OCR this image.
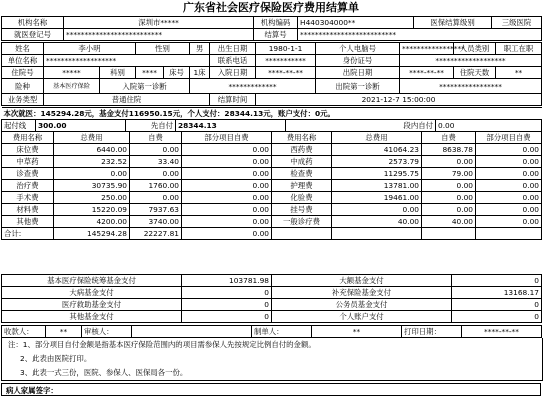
广东省社会医疗保险医疗费用结算单
机构名称	深圳市*****	机构编码	H440304000**	医保结算级别	三级医院
就医登记号	**************************	结算号	**************************		
姓名	李小明		性别		男	出生日期	1980-1-1	个人电脑号	*****************	人员类别	职工在职
单位名称	*******************					联系电话	***********	身份证号	*******************		
住院号	*****	科别	****	床号	1床	入院日期	****-**-**	出院日期	****-**-**	住院天数	**
险种	基本医疗保险	入院第一诊断			*************			出院第一诊断	*****************		
业务类型	普通住院					结算时间	2021-12-7 15:00:00				
本次就医：145294.28元，基金支付116950.15元，个人支付：28344.13元，账户支付：0元。
起付线	300.00	先自付	28344.13	段内自付	0.00
费用名称	总费用	自费	部分项目自费	费用名称	总费用	自费	部分项目自费
床位费	6440.00	0.00	0.00	西药费	41064.23	8638.78	0.00
中草药	232.52	33.40	0.00	中成药	2573.79	0.00	0.00
诊查费	0.00	0.00	0.00	检查费	11295.75	79.00	0.00
治疗费	30735.90	1760.00	0.00	护理费	13781.00	0.00	0.00
手术费	250.00	0.00	0.00	化验费	19461.00	0.00	0.00
材料费	15220.09	7937.63	0.00	挂号费	0.00	0.00	0.00
其他费	4200.00	3740.00	0.00	一般诊疗费	40.00	40.00	0.00
合计:	145294.28	22227.81	0.00				
基本医疗保险统筹基金支付	103781.98	大额基金支付	0
大病基金支付	0	补充保险基金支付	13168.17
医疗救助基金支付	0	公务员基金支付	0
其他基金支付	0	个人账户支付	0
收款人：	**	审核人：		制单人：	**	打印日期：	****-**-**
注：1、部分项目自付金额是指基本医疗保险范围内的项目需参保人先按规定比例自付的金额。
2、此表由医院打印。
3、此表一式三份，医院、参保人、医保局各一份。
病人家属签字：
